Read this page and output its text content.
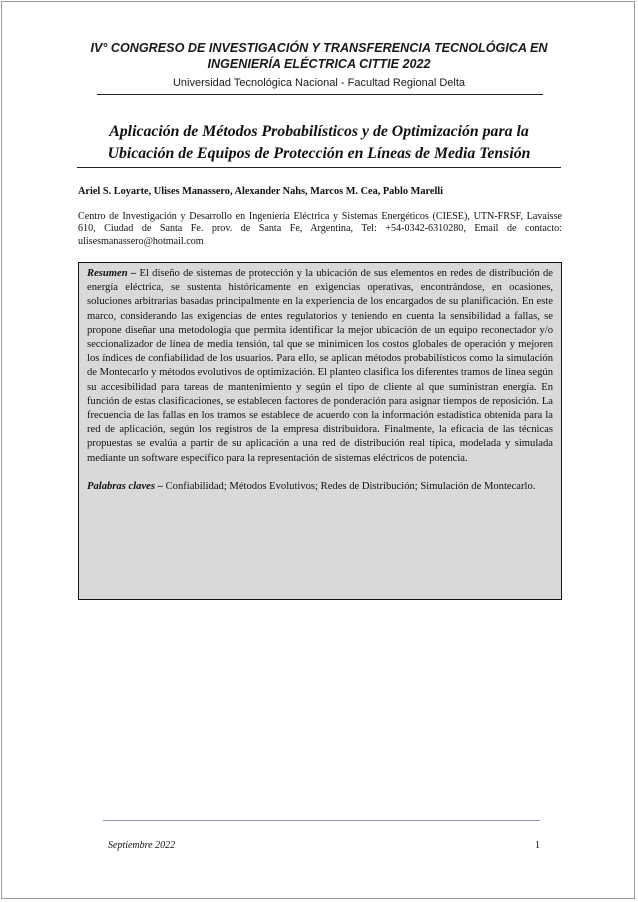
IV° CONGRESO DE INVESTIGACIÓN Y TRANSFERENCIA TECNOLÓGICA EN
INGENIERÍA ELÉCTRICA CITTIE 2022
Universidad Tecnológica Nacional - Facultad Regional Delta
Aplicación de Métodos Probabilísticos y de Optimización para la
Ubicación de Equipos de Protección en Líneas de Media Tensión
Ariel S. Loyarte, Ulises Manassero, Alexander Nahs, Marcos M. Cea, Pablo Marelli
Centro de Investigación y Desarrollo en Ingeniería Eléctrica y Sistemas Energéticos (CIESE), UTN-FRSF, Lavaisse 610, Ciudad de Santa Fe. prov. de Santa Fe, Argentina, Tel: +54-0342-6310280, Email de contacto: ulisesmanassero@hotmail.com

Resumen – El diseño de sistemas de protección y la ubicación de sus elementos en redes de distribución de energía eléctrica, se sustenta históricamente en exigencias operativas, encontrándose, en ocasiones, soluciones arbitrarias basadas principalmente en la experiencia de los encargados de su planificación. En este marco, considerando las exigencias de entes regulatorios y teniendo en cuenta la sensibilidad a fallas, se propone diseñar una metodología que permita identificar la mejor ubicación de un equipo reconectador y/o seccionalizador de línea de media tensión, tal que se minimicen los costos globales de operación y mejoren los índices de confiabilidad de los usuarios. Para ello, se aplican métodos probabilísticos como la simulación de Montecarlo y métodos evolutivos de optimización. El planteo clasifica los diferentes tramos de línea según su accesibilidad para tareas de mantenimiento y según el tipo de cliente al que suministran energía. En función de estas clasificaciones, se establecen factores de ponderación para asignar tiempos de reposición. La frecuencia de las fallas en los tramos se establece de acuerdo con la información estadística obtenida para la red de aplicación, según los registros de la empresa distribuidora. Finalmente, la eficacia de las técnicas propuestas se evalúa a partir de su aplicación a una red de distribución real típica, modelada y simulada mediante un software específico para la representación de sistemas eléctricos de potencia.

Palabras claves – Confiabilidad; Métodos Evolutivos; Redes de Distribución; Simulación de Montecarlo.

Septiembre 2022	1
